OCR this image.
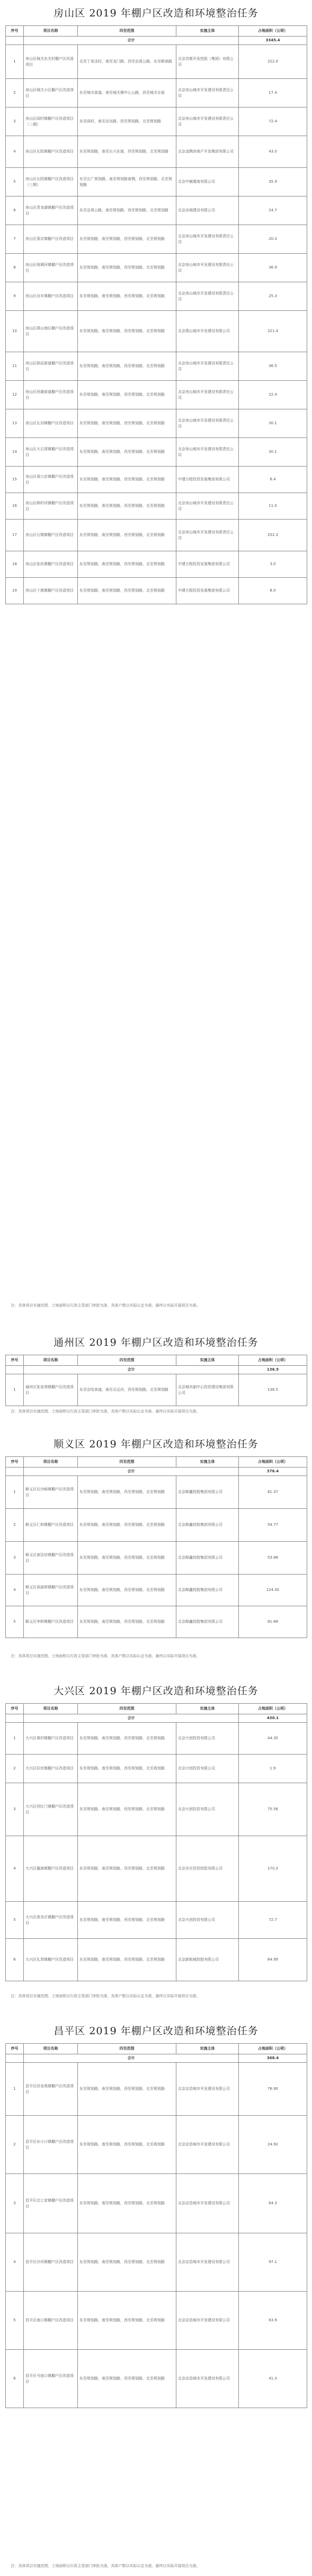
房山区 2019 年棚户区改造和环境整治任务
序号	项目名称	四至范围	实施主体	占地面积（公顷）
	合计			3345.4
1	房山区城关东关村棚户区改造项目	北至丁家洼村、南至龙门路，西至京周公路，东至顺承路	北京首都开发控股（集团）有限公司	222.0
2	房山区城关小区棚户区改造项目	东至城关街道、南至城关镇中心公路，西至城关北街	北京房山城市开发建设有限责任公司	17.4
3	房山区阎村镇棚户区改造项目（二期）	东至阎村、南至京良路，西至规划路，北至规划路	北京房山城市开发建设有限责任公司	72.4
4	房山区长阳镇棚户区改造项目	东至规划路，南至长兴东街，西至规划路，北至规划路	北京金隅房地产开发集团有限公司	43.0
5	房山区长阳镇棚户区改造项目（三期）	东至长广规划路，南至规划路南侧，西至规划路，北至规划路	北京中赫置地有限公司	35.9
6	房山区青龙湖镇棚户区改造项目	东至京周公路，南至规划路，西至规划路，北至规划路	北京京城建设有限公司	24.7
7	房山区窦店镇棚户区改造项目	东至规划路，南至规划路，西至规划路，北至规划路	北京房山城市开发建设有限责任公司	20.3
8	房山区琉璃河镇棚户区改造项目	东至规划路，南至规划路，西至规划路，北至规划路	北京房山城市开发建设有限责任公司	36.9
9	房山区良乡镇棚户区改造项目	东至规划路，南至规划路，西至规划路，北至规划路	北京房山城市开发建设有限责任公司	25.3
10	房山区燕山地区棚户区改造项目	东至规划路，南至规划路，西至规划路，北至规划路	北京燕山城市开发建设有限公司	221.4
11	房山区拱辰街道棚户区改造项目	东至规划路，南至规划路，西至规划路，北至规划路	北京房山城市开发建设有限责任公司	36.5
12	房山区西潞街道棚户区改造项目	东至规划路，南至规划路，西至规划路，北至规划路	北京房山城市开发建设有限责任公司	22.4
13	房山区长沟镇棚户区改造项目	东至规划路，南至规划路，西至规划路，北至规划路	北京房山城市开发建设有限责任公司	30.1
14	房山区大石窝镇棚户区改造项目	东至规划路，南至规划路，西至规划路，北至规划路	北京房山城市开发建设有限责任公司	30.1
15	房山区周口店镇棚户区改造项目	东至规划路，南至规划路，西至规划路，北至规划路	中建方程投资发展集团有限公司	6.4
16	房山区韩村河镇棚户区改造项目	东至规划路，南至规划路，西至规划路，北至规划路	北京房山城市开发建设有限责任公司	11.0
17	房山区石楼镇棚户区改造项目	东至规划路，南至规划路，西至规划路，北至规划路	北京房山城市开发建设有限责任公司	252.3
18	房山区张坊镇棚户区改造项目	东至规划路，南至规划路，西至规划路，北至规划路	中建方程投资发展集团有限公司	3.0
19	房山区十渡镇棚户区改造项目	东至规划路，南至规划路，西至规划路，北至规划路	中建方程投资发展集团有限公司	8.0
注：具体项目实施范围、土地面积以行政主管部门审批为准，具体户数以实际认定为准，最终以实际开展项目为准。
通州区 2019 年棚户区改造和环境整治任务
序号	项目名称	四至范围	实施主体	占地面积（公顷）
	合计			136.5
1	通州区张家湾镇棚户区改造项目	东至京哈高速，南至北运河，西至规划路，北至规划路	北京城市副中心投资建设集团有限公司	136.5
注：具体项目实施范围、土地面积以行政主管部门审批为准，具体户数以实际认定为准，最终以实际开展项目为准。
顺义区 2019 年棚户区改造和环境整治任务
序号	项目名称	四至范围	实施主体	占地面积（公顷）
	合计			376.4
1	顺义区后沙峪镇棚户区改造项目	东至规划路，南至规划路，西至规划路，北至规划路	北京顺鑫控股集团有限公司	61.37
2	顺义区仁和镇棚户区改造项目	东至规划路，南至规划路，西至规划路，北至规划路	北京顺鑫控股集团有限公司	54.77
3	顺义区南法信镇棚户区改造项目	东至规划路，南至规划路，西至规划路，北至规划路	北京顺鑫控股集团有限公司	53.88
4	顺义区高丽营镇棚户区改造项目	东至规划路，南至规划路，西至规划路，北至规划路	北京顺鑫控股集团有限公司	124.45
5	顺义区李桥镇棚户区改造项目	东至规划路，南至规划路，西至规划路，北至规划路	北京顺鑫控股集团有限公司	81.68
注：具体项目实施范围、土地面积以行政主管部门审批为准，具体户数以实际认定为准，最终以实际开展项目为准。
大兴区 2019 年棚户区改造和环境整治任务
序号	项目名称	四至范围	实施主体	占地面积（公顷）
	合计			430.1
1	大兴区黄村镇棚户区改造项目	东至规划路，南至规划路，西至规划路，北至规划路	北京兴创投资有限公司	44.35
2	大兴区旧宫镇棚户区改造项目	东至规划路，南至规划路，西至规划路，北至规划路	北京兴创投资有限公司	1.9
3	大兴区西红门镇棚户区改造项目	东至规划路，南至规划路，西至规划路，北至规划路	北京兴创投资有限公司	75.56
4	大兴区瀛海镇棚户区改造项目	东至规划路，南至规划路，西至规划路，北至规划路	北京亦庄投资控股有限公司	170.3
5	大兴区庞各庄镇棚户区改造项目	东至规划路，南至规划路，西至规划路，北至规划路	北京兴创投资有限公司	72.7
6	大兴区礼贤镇棚户区改造项目	东至规划路，南至规划路，西至规划路，北至规划路	北京新航城控股有限公司	64.99
注：具体项目实施范围、土地面积以行政主管部门审批为准，具体户数以实际认定为准，最终以实际开展项目为准。
昌平区 2019 年棚户区改造和环境整治任务
序号	项目名称	四至范围	实施主体	占地面积（公顷）
	合计			368.4
1	昌平区回龙观镇棚户区改造项目	东至规划路，南至规划路，西至规划路，北至规划路	北京京昌城市开发建设有限公司	76.90
2	昌平区东小口镇棚户区改造项目	东至规划路，南至规划路，西至规划路，北至规划路	北京京昌城市开发建设有限公司	24.92
3	昌平区北七家镇棚户区改造项目	东至规划路，南至规划路，西至规划路，北至规划路	北京京昌城市开发建设有限公司	64.3
4	昌平区沙河镇棚户区改造项目	东至规划路，南至规划路，西至规划路，北至规划路	北京京昌城市开发建设有限公司	97.1
5	昌平区南口镇棚户区改造项目	东至规划路，南至规划路，西至规划路，北至规划路	北京京昌城市开发建设有限公司	63.9
6	昌平区马池口镇棚户区改造项目	东至规划路，南至规划路，西至规划路，北至规划路	北京京昌城市开发建设有限公司	41.3
注：具体项目实施范围、土地面积以行政主管部门审批为准，具体户数以实际认定为准，最终以实际开展项目为准。
